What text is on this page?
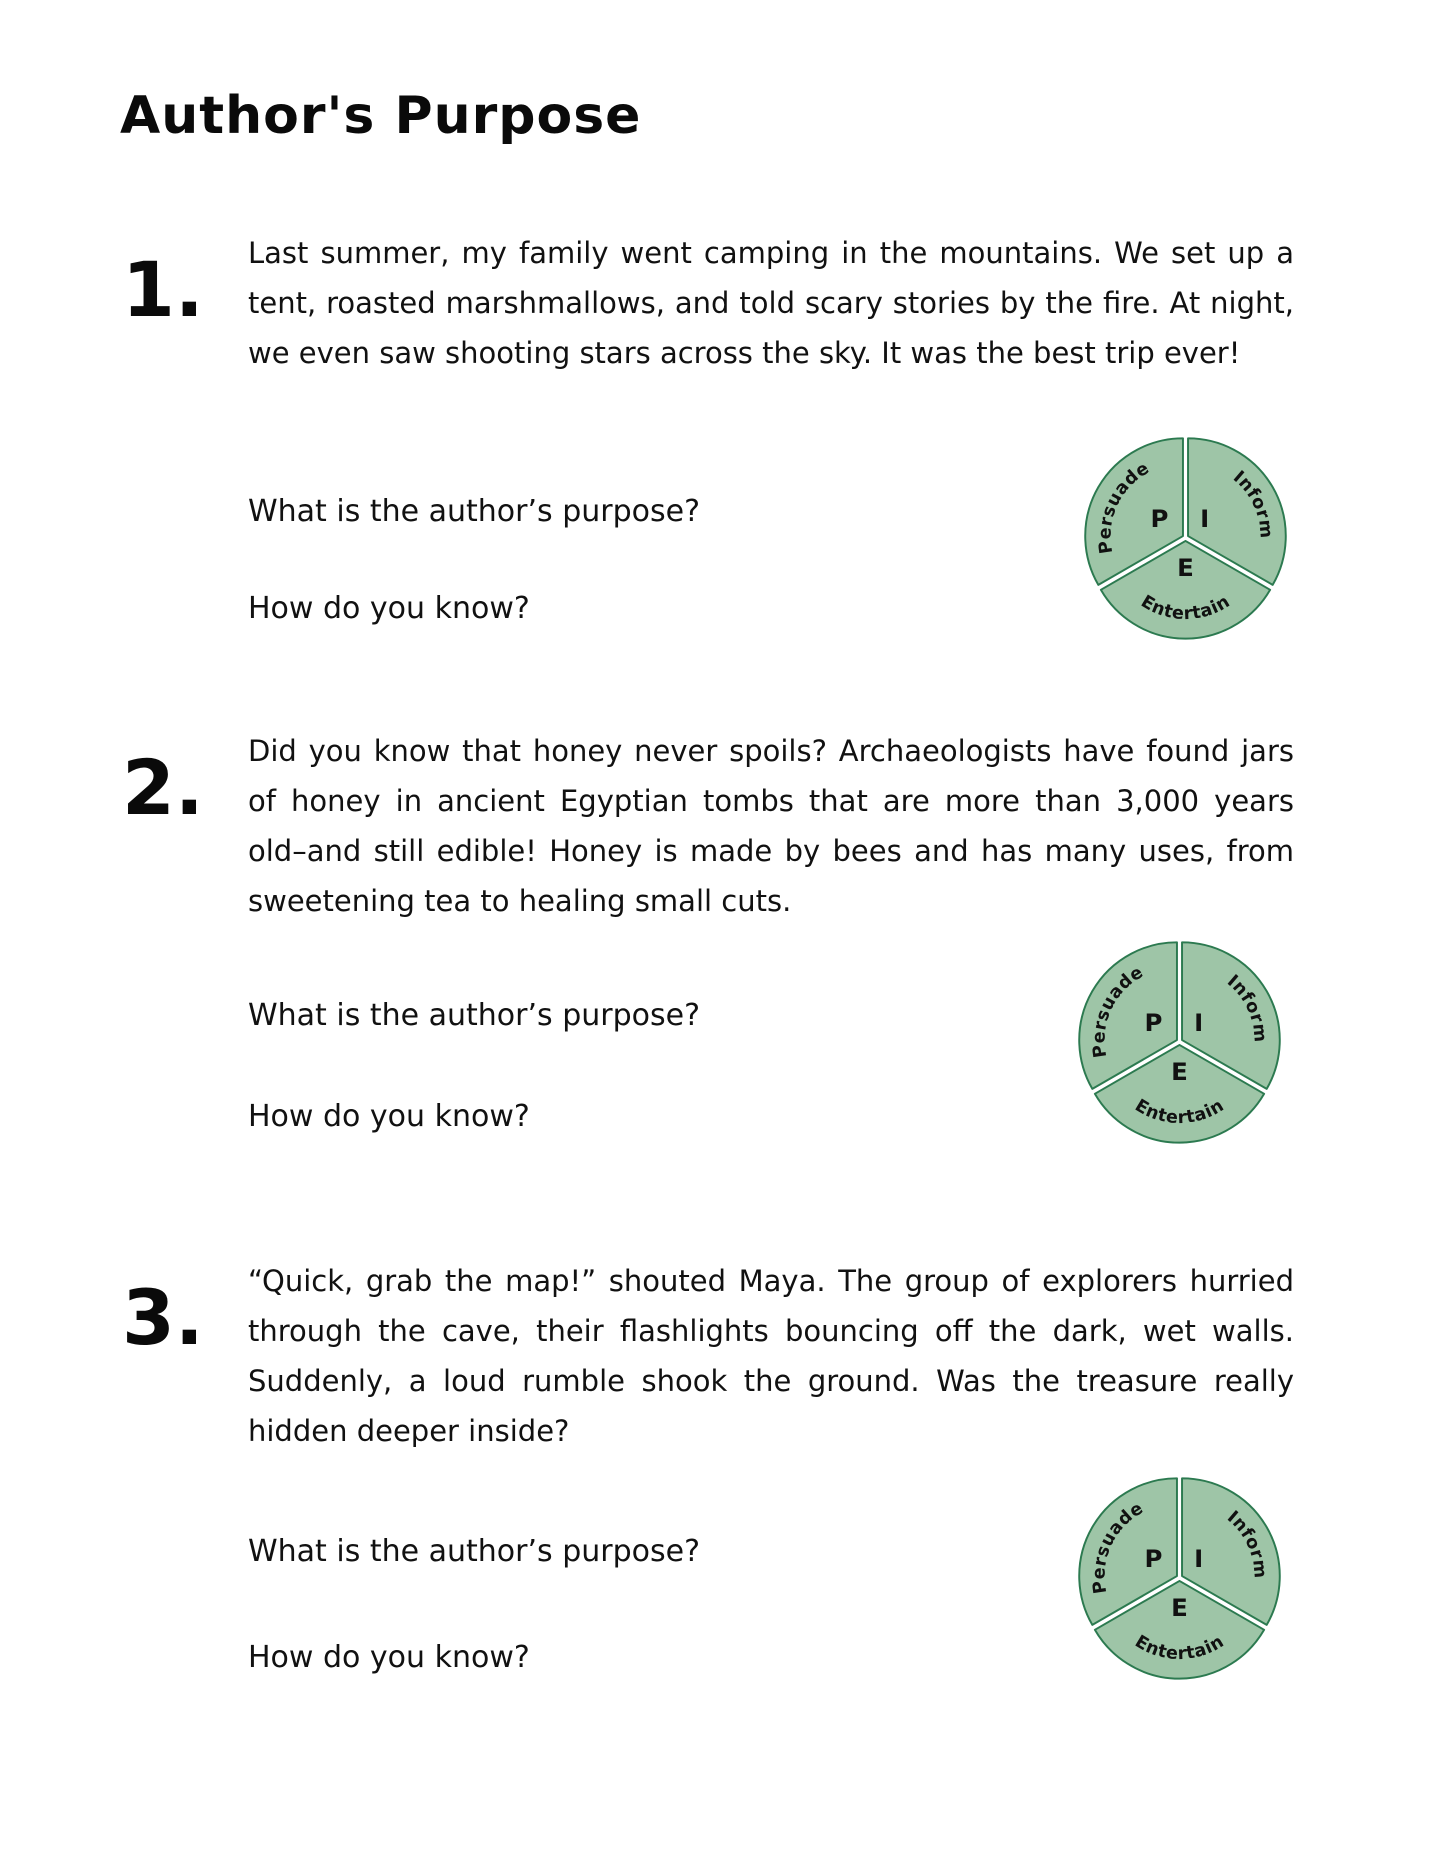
Author's Purpose
1. Last summer, my family went camping in the mountains. We set up a tent, roasted marshmallows, and told scary stories by the fire. At night, we even saw shooting stars across the sky. It was the best trip ever!
What is the author’s purpose?
How do you know?
Persuade
P
Inform
I
Entertain
E
2. Did you know that honey never spoils? Archaeologists have found jars of honey in ancient Egyptian tombs that are more than 3,000 years old–and still edible! Honey is made by bees and has many uses, from sweetening tea to healing small cuts.
What is the author’s purpose?
How do you know?
Persuade
P
Inform
I
Entertain
E
3. “Quick, grab the map!” shouted Maya. The group of explorers hurried through the cave, their flashlights bouncing off the dark, wet walls. Suddenly, a loud rumble shook the ground. Was the treasure really hidden deeper inside?
What is the author’s purpose?
How do you know?
Persuade
P
Inform
I
Entertain
E
